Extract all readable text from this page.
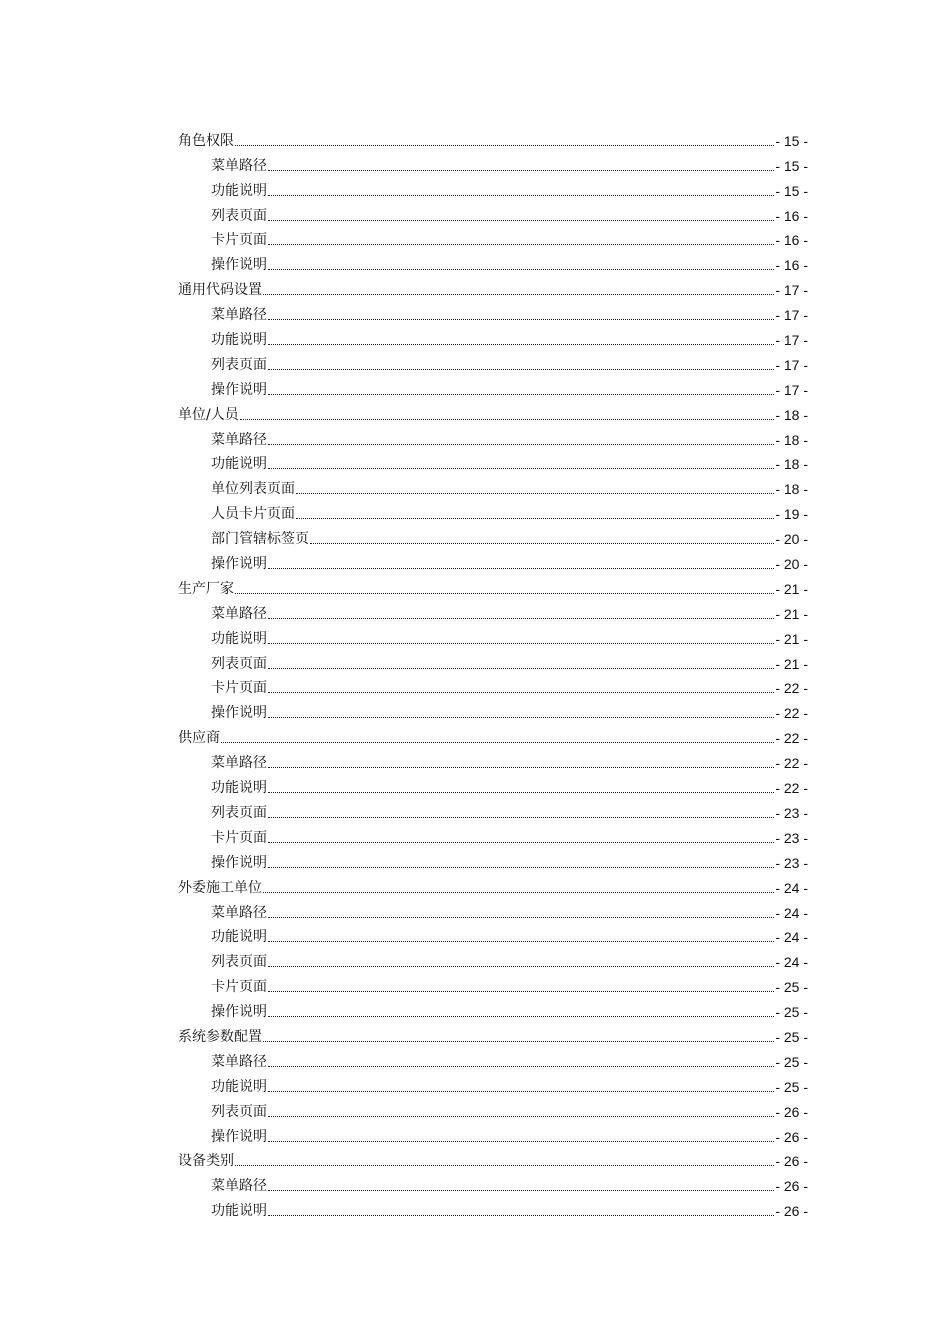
角色权限	- 15 -
菜单路径	- 15 -
功能说明	- 15 -
列表页面	- 16 -
卡片页面	- 16 -
操作说明	- 16 -
通用代码设置	- 17 -
菜单路径	- 17 -
功能说明	- 17 -
列表页面	- 17 -
操作说明	- 17 -
单位/人员	- 18 -
菜单路径	- 18 -
功能说明	- 18 -
单位列表页面	- 18 -
人员卡片页面	- 19 -
部门管辖标签页	- 20 -
操作说明	- 20 -
生产厂家	- 21 -
菜单路径	- 21 -
功能说明	- 21 -
列表页面	- 21 -
卡片页面	- 22 -
操作说明	- 22 -
供应商	- 22 -
菜单路径	- 22 -
功能说明	- 22 -
列表页面	- 23 -
卡片页面	- 23 -
操作说明	- 23 -
外委施工单位	- 24 -
菜单路径	- 24 -
功能说明	- 24 -
列表页面	- 24 -
卡片页面	- 25 -
操作说明	- 25 -
系统参数配置	- 25 -
菜单路径	- 25 -
功能说明	- 25 -
列表页面	- 26 -
操作说明	- 26 -
设备类别	- 26 -
菜单路径	- 26 -
功能说明	- 26 -
